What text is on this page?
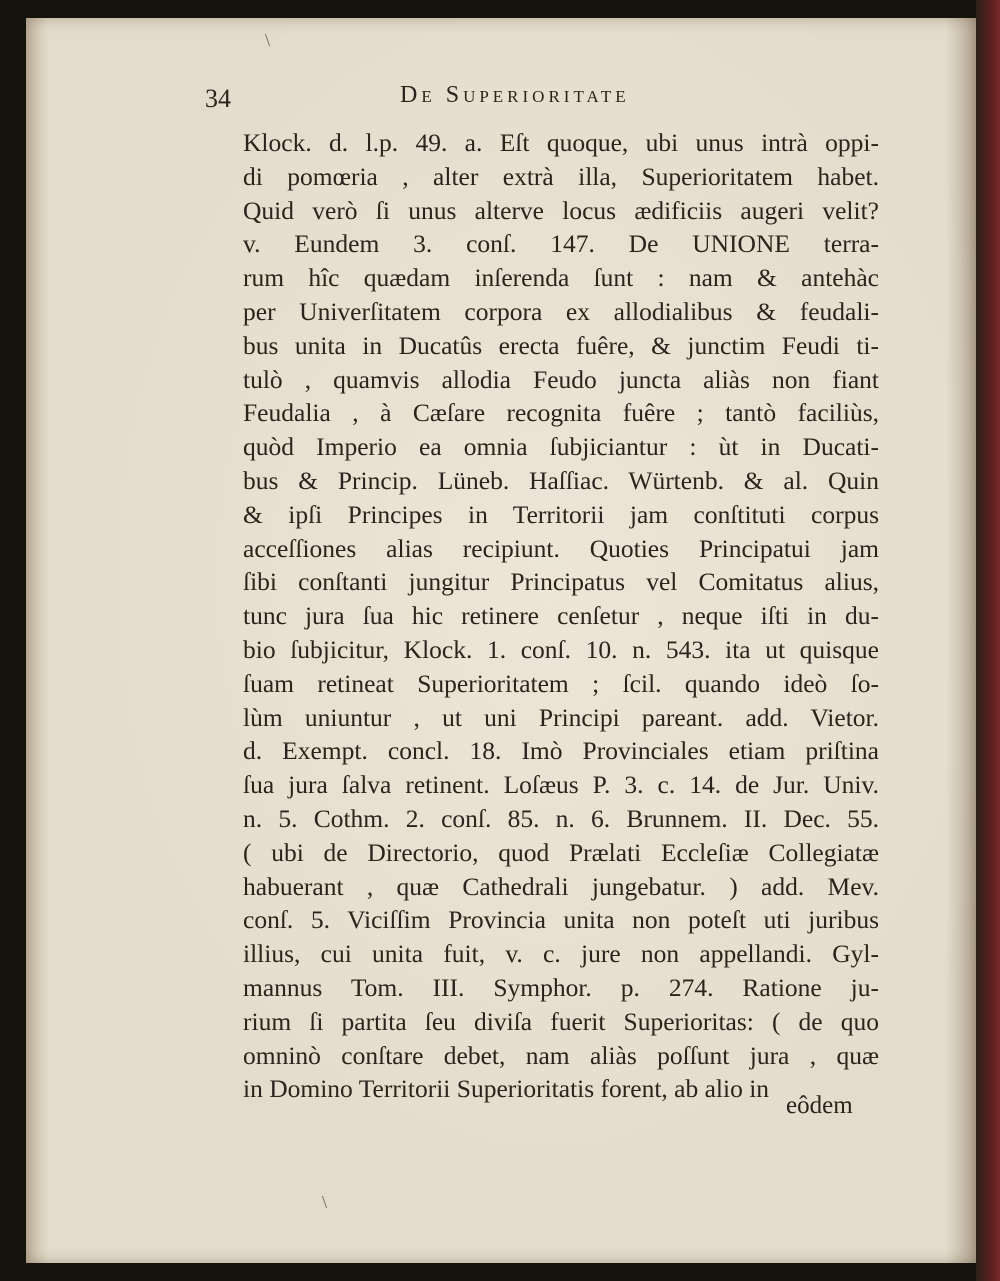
34	De Superioritate
Klock. d. l.p. 49. a. Eſt quoque, ubi unus intrà oppi-
di pomœria , alter extrà illa, Superioritatem habet.
Quid verò ſi unus alterve locus ædificiis augeri velit?
v. Eundem 3. conſ. 147. De UNIONE terra-
rum hîc quædam inſerenda ſunt : nam & antehàc
per Univerſitatem corpora ex allodialibus & feudali-
bus unita in Ducatûs erecta fuêre, & junctim Feudi ti-
tulò , quamvis allodia Feudo juncta aliàs non fiant
Feudalia , à Cæſare recognita fuêre ; tantò faciliùs,
quòd Imperio ea omnia ſubjiciantur : ùt in Ducati-
bus & Princip. Lüneb. Haſſiac. Würtenb. & al. Quin
& ipſi Principes in Territorii jam conſtituti corpus
acceſſiones alias recipiunt. Quoties Principatui jam
ſibi conſtanti jungitur Principatus vel Comitatus alius,
tunc jura ſua hic retinere cenſetur , neque iſti in du-
bio ſubjicitur, Klock. 1. conſ. 10. n. 543. ita ut quisque
ſuam retineat Superioritatem ; ſcil. quando ideò ſo-
lùm uniuntur , ut uni Principi pareant. add. Vietor.
d. Exempt. concl. 18. Imò Provinciales etiam priſtina
ſua jura ſalva retinent. Loſæus P. 3. c. 14. de Jur. Univ.
n. 5. Cothm. 2. conſ. 85. n. 6. Brunnem. II. Dec. 55.
( ubi de Directorio, quod Prælati Eccleſiæ Collegiatæ
habuerant , quæ Cathedrali jungebatur. ) add. Mev.
conſ. 5. Viciſſim Provincia unita non poteſt uti juribus
illius, cui unita fuit, v. c. jure non appellandi. Gyl-
mannus Tom. III. Symphor. p. 274. Ratione ju-
rium ſi partita ſeu diviſa fuerit Superioritas: ( de quo
omninò conſtare debet, nam aliàs poſſunt jura , quæ
in Domino Territorii Superioritatis forent, ab alio in
eôdem
\
\
